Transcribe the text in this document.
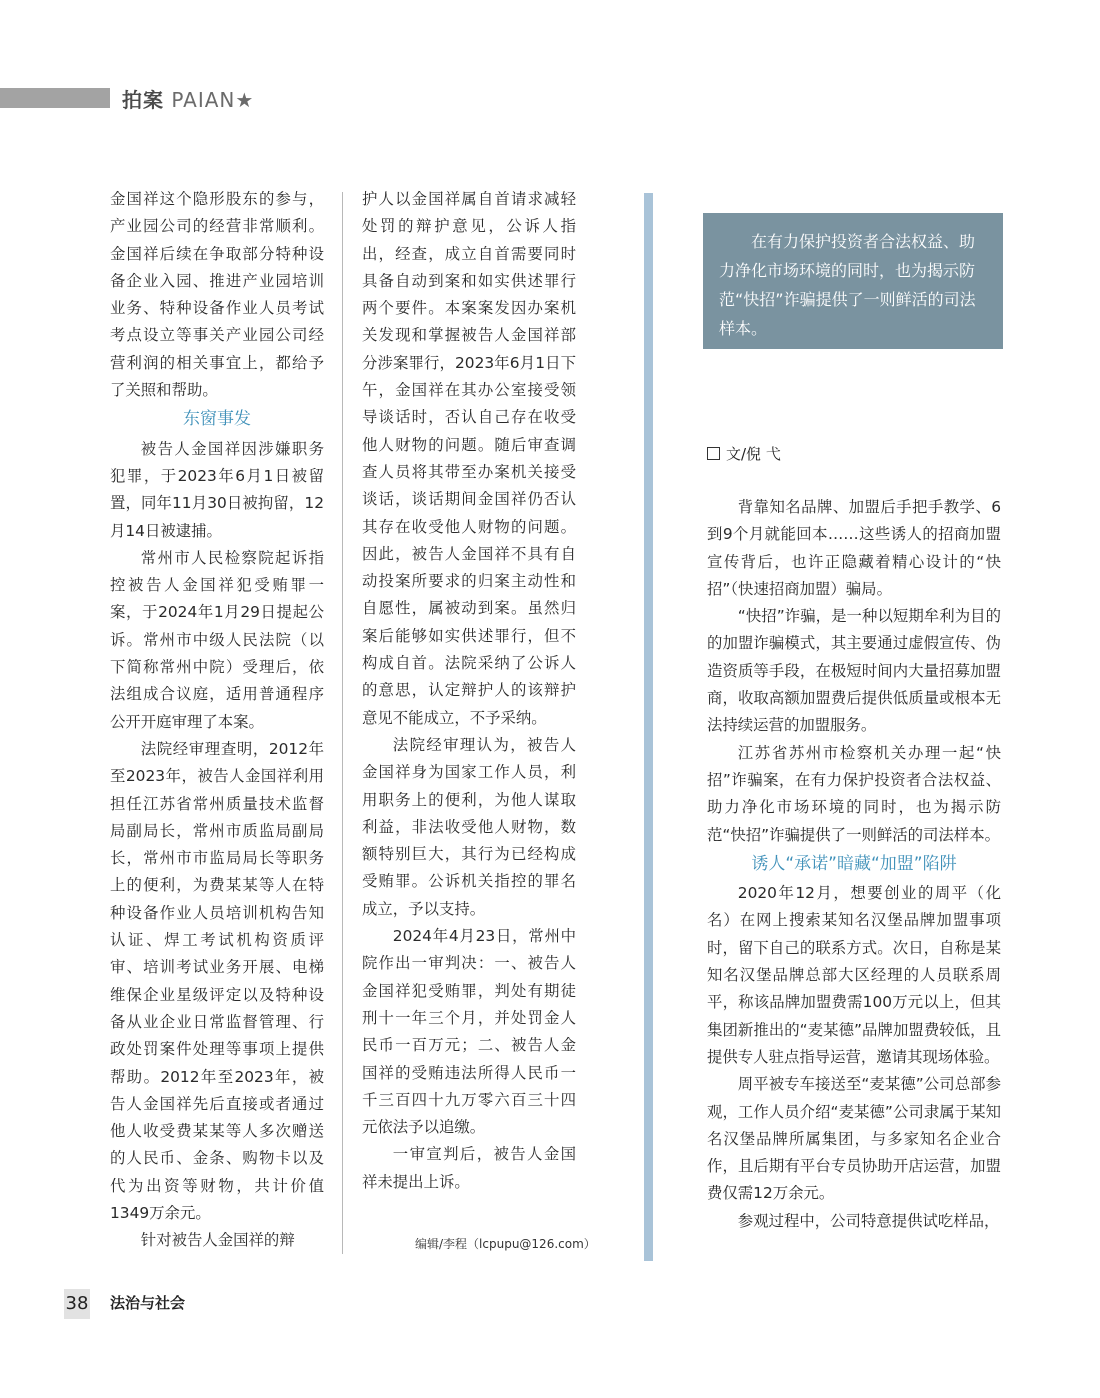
拍案 PAIAN★

金国祥这个隐形股东的参与，产业园公司的经营非常顺利。金国祥后续在争取部分特种设备企业入园、推进产业园培训业务、特种设备作业人员考试考点设立等事关产业园公司经营利润的相关事宜上，都给予了关照和帮助。

东窗事发

被告人金国祥因涉嫌职务犯罪，于2023年6月1日被留置，同年11月30日被拘留，12月14日被逮捕。

常州市人民检察院起诉指控被告人金国祥犯受贿罪一案，于2024年1月29日提起公诉。常州市中级人民法院（以下简称常州中院）受理后，依法组成合议庭，适用普通程序公开开庭审理了本案。

法院经审理查明，2012年至2023年，被告人金国祥利用担任江苏省常州质量技术监督局副局长，常州市质监局副局长，常州市市监局局长等职务上的便利，为费某某等人在特种设备作业人员培训机构告知认证、焊工考试机构资质评审、培训考试业务开展、电梯维保企业星级评定以及特种设备从业企业日常监督管理、行政处罚案件处理等事项上提供帮助。2012年至2023年，被告人金国祥先后直接或者通过他人收受费某某等人多次赠送的人民币、金条、购物卡以及代为出资等财物，共计价值1349万余元。

针对被告人金国祥的辩

护人以金国祥属自首请求减轻处罚的辩护意见，公诉人指出，经查，成立自首需要同时具备自动到案和如实供述罪行两个要件。本案案发因办案机关发现和掌握被告人金国祥部分涉案罪行，2023年6月1日下午，金国祥在其办公室接受领导谈话时，否认自己存在收受他人财物的问题。随后审查调查人员将其带至办案机关接受谈话，谈话期间金国祥仍否认其存在收受他人财物的问题。因此，被告人金国祥不具有自动投案所要求的归案主动性和自愿性，属被动到案。虽然归案后能够如实供述罪行，但不构成自首。法院采纳了公诉人的意思，认定辩护人的该辩护意见不能成立，不予采纳。

法院经审理认为，被告人金国祥身为国家工作人员，利用职务上的便利，为他人谋取利益，非法收受他人财物，数额特别巨大，其行为已经构成受贿罪。公诉机关指控的罪名成立，予以支持。

2024年4月23日，常州中院作出一审判决：一、被告人金国祥犯受贿罪，判处有期徒刑十一年三个月，并处罚金人民币一百万元；二、被告人金国祥的受贿违法所得人民币一千三百四十九万零六百三十四元依法予以追缴。

一审宣判后，被告人金国祥未提出上诉。

编辑/李程（lcpupu@126.com）

在有力保护投资者合法权益、助力净化市场环境的同时，也为揭示防范“快招”诈骗提供了一则鲜活的司法样本。

文/倪 弋

背靠知名品牌、加盟后手把手教学、6到9个月就能回本……这些诱人的招商加盟宣传背后，也许正隐藏着精心设计的“快招”（快速招商加盟）骗局。

“快招”诈骗，是一种以短期牟利为目的的加盟诈骗模式，其主要通过虚假宣传、伪造资质等手段，在极短时间内大量招募加盟商，收取高额加盟费后提供低质量或根本无法持续运营的加盟服务。

江苏省苏州市检察机关办理一起“快招”诈骗案，在有力保护投资者合法权益、助力净化市场环境的同时，也为揭示防范“快招”诈骗提供了一则鲜活的司法样本。

诱人“承诺”暗藏“加盟”陷阱

2020年12月，想要创业的周平（化名）在网上搜索某知名汉堡品牌加盟事项时，留下自己的联系方式。次日，自称是某知名汉堡品牌总部大区经理的人员联系周平，称该品牌加盟费需100万元以上，但其集团新推出的“麦某德”品牌加盟费较低，且提供专人驻点指导运营，邀请其现场体验。

周平被专车接送至“麦某德”公司总部参观，工作人员介绍“麦某德”公司隶属于某知名汉堡品牌所属集团，与多家知名企业合作，且后期有平台专员协助开店运营，加盟费仅需12万余元。

参观过程中，公司特意提供试吃样品，

38 法治与社会
